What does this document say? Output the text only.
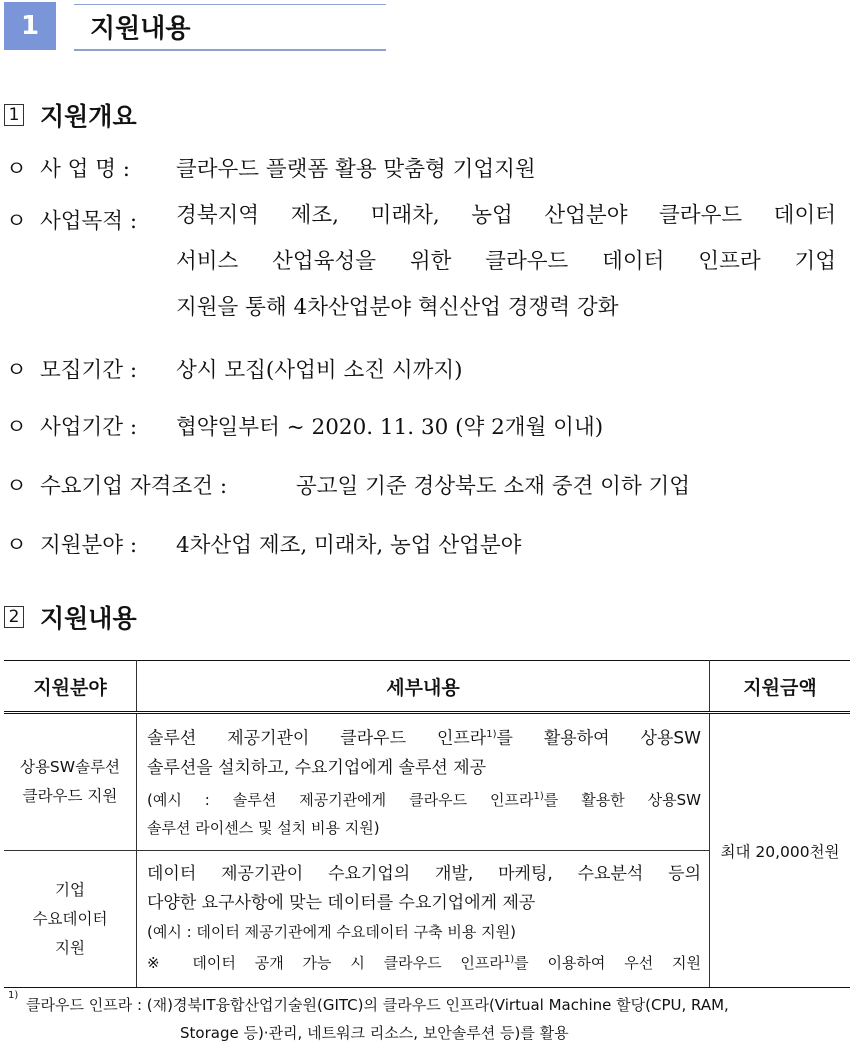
1	지원내용
1 지원개요
ㅇ 사 업 명 : 클라우드 플랫폼 활용 맞춤형 기업지원
ㅇ 사업목적 : 경북지역 제조, 미래차, 농업 산업분야 클라우드 데이터
서비스 산업육성을 위한 클라우드 데이터 인프라 기업
지원을 통해 4차산업분야 혁신산업 경쟁력 강화
ㅇ 모집기간 : 상시 모집(사업비 소진 시까지)
ㅇ 사업기간 : 협약일부터 ~ 2020. 11. 30 (약 2개월 이내)
ㅇ 수요기업 자격조건 :	공고일 기준 경상북도 소재 중견 이하 기업
ㅇ 지원분야 : 4차산업 제조, 미래차, 농업 산업분야
2 지원내용
지원분야	세부내용	지원금액

상용SW솔루션
클라우드 지원	솔루션 제공기관이 클라우드 인프라$^{1)}$를 활용하여 상용SW
솔루션을 설치하고, 수요기업에게 솔루션 제공
(예시 : 솔루션 제공기관에게 클라우드 인프라$^{1)}$를 활용한 상용SW
솔루션 라이센스 및 설치 비용 지원)	최대 20,000천원

기업
수요데이터
지원	데이터 제공기관이 수요기업의 개발, 마케팅, 수요분석 등의
다양한 요구사항에 맞는 데이터를 수요기업에게 제공
(예시 : 데이터 제공기관에게 수요데이터 구축 비용 지원)
※ 데이터 공개 가능 시 클라우드 인프라$^{1)}$를 이용하여 우선 지원	
1)
클라우드 인프라 : (재)경북IT융합산업기술원(GITC)의 클라우드 인프라(Virtual Machine 할당(CPU, RAM,
Storage 등)·관리, 네트워크 리소스, 보안솔루션 등)를 활용
